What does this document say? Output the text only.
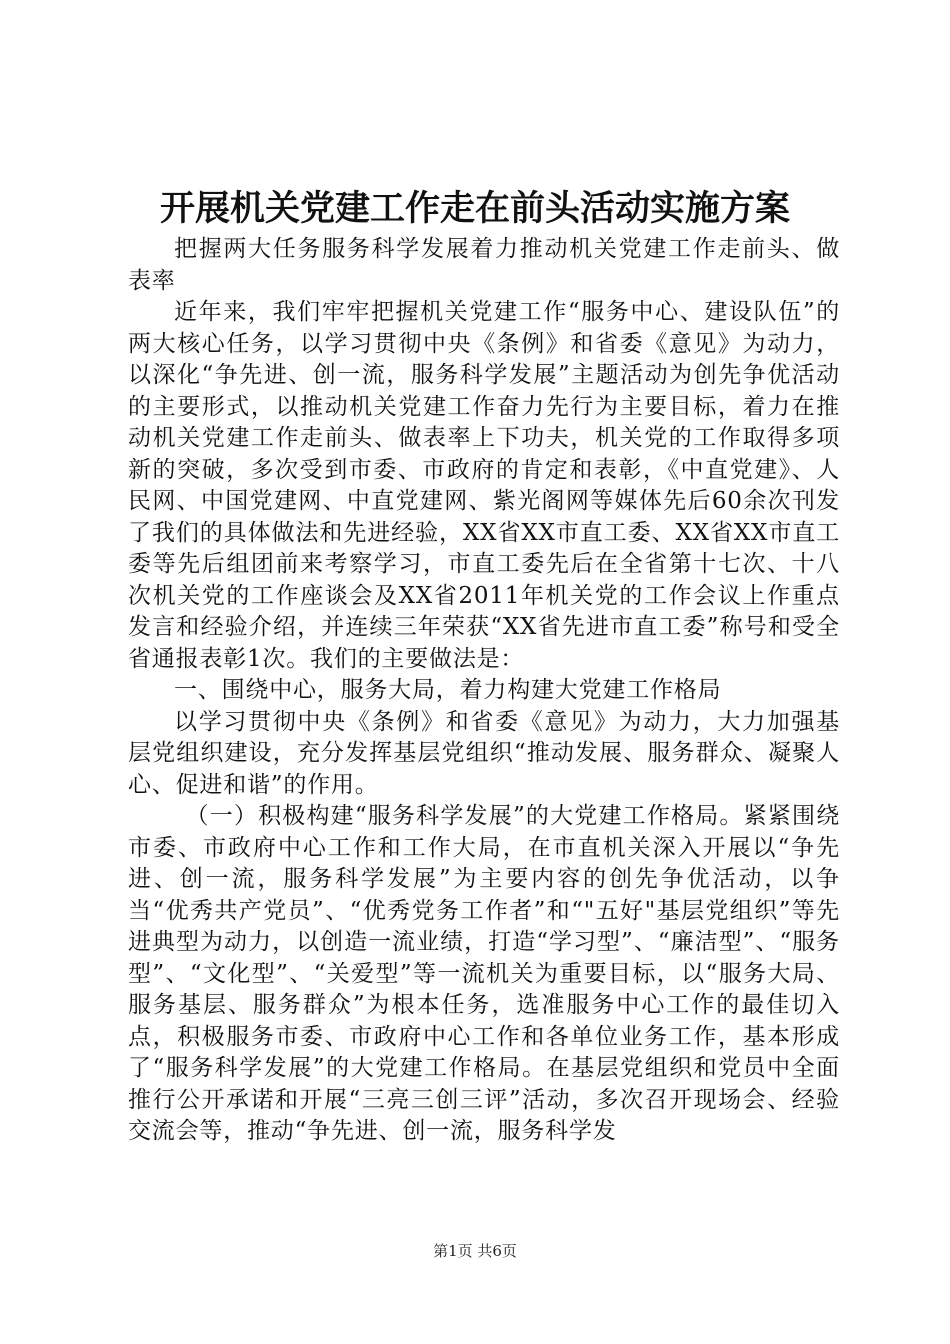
开展机关党建工作走在前头活动实施方案

把握两大任务服务科学发展着力推动机关党建工作走前头、做表率

近年来，我们牢牢把握机关党建工作“服务中心、建设队伍”的两大核心任务，以学习贯彻中央《条例》和省委《意见》为动力，以深化“争先进、创一流，服务科学发展”主题活动为创先争优活动的主要形式，以推动机关党建工作奋力先行为主要目标，着力在推动机关党建工作走前头、做表率上下功夫，机关党的工作取得多项新的突破，多次受到市委、市政府的肯定和表彰，《中直党建》、人民网、中国党建网、中直党建网、紫光阁网等媒体先后60余次刊发了我们的具体做法和先进经验，XX省XX市直工委、XX省XX市直工委等先后组团前来考察学习，市直工委先后在全省第十七次、十八次机关党的工作座谈会及XX省2011年机关党的工作会议上作重点发言和经验介绍，并连续三年荣获“XX省先进市直工委”称号和受全省通报表彰1次。我们的主要做法是：

一、围绕中心，服务大局，着力构建大党建工作格局

以学习贯彻中央《条例》和省委《意见》为动力，大力加强基层党组织建设，充分发挥基层党组织“推动发展、服务群众、凝聚人心、促进和谐”的作用。

（一）积极构建“服务科学发展”的大党建工作格局。紧紧围绕市委、市政府中心工作和工作大局，在市直机关深入开展以“争先进、创一流，服务科学发展”为主要内容的创先争优活动，以争当“优秀共产党员”、“优秀党务工作者”和“"五好"基层党组织”等先进典型为动力，以创造一流业绩，打造“学习型”、“廉洁型”、“服务型”、“文化型”、“关爱型”等一流机关为重要目标，以“服务大局、服务基层、服务群众”为根本任务，选准服务中心工作的最佳切入点，积极服务市委、市政府中心工作和各单位业务工作，基本形成了“服务科学发展”的大党建工作格局。在基层党组织和党员中全面推行公开承诺和开展“三亮三创三评”活动，多次召开现场会、经验交流会等，推动“争先进、创一流，服务科学发

第1页 共6页
